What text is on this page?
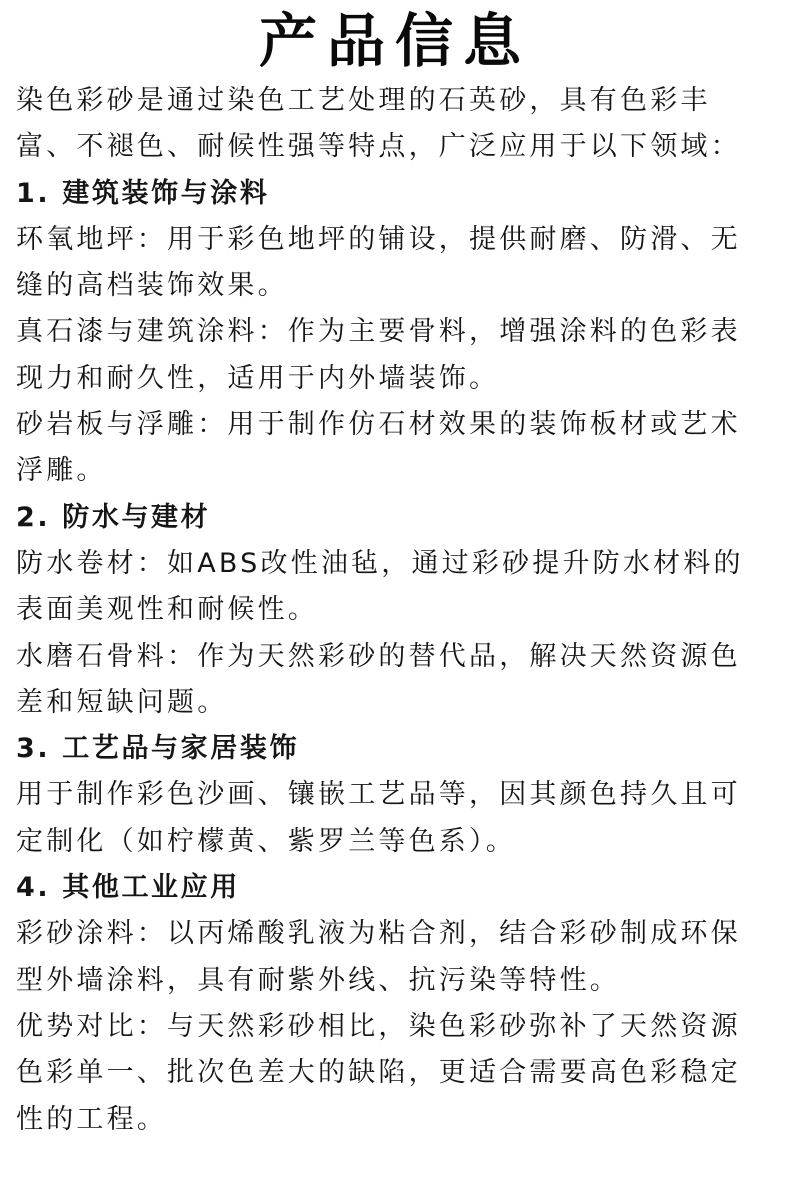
产品信息
染色彩砂是通过染色工艺处理的石英砂，具有色彩丰
富、不褪色、耐候性强等特点，广泛应用于以下领域：
1. 建筑装饰与涂料
环氧地坪：用于彩色地坪的铺设，提供耐磨、防滑、无
缝的高档装饰效果。
真石漆与建筑涂料：作为主要骨料，增强涂料的色彩表
现力和耐久性，适用于内外墙装饰。
砂岩板与浮雕：用于制作仿石材效果的装饰板材或艺术
浮雕。
2. 防水与建材
防水卷材：如ABS改性油毡，通过彩砂提升防水材料的
表面美观性和耐候性。
水磨石骨料：作为天然彩砂的替代品，解决天然资源色
差和短缺问题。
3. 工艺品与家居装饰
用于制作彩色沙画、镶嵌工艺品等，因其颜色持久且可
定制化（如柠檬黄、紫罗兰等色系）。
4. 其他工业应用
彩砂涂料：以丙烯酸乳液为粘合剂，结合彩砂制成环保
型外墙涂料，具有耐紫外线、抗污染等特性。
优势对比：与天然彩砂相比，染色彩砂弥补了天然资源
色彩单一、批次色差大的缺陷，更适合需要高色彩稳定
性的工程。
